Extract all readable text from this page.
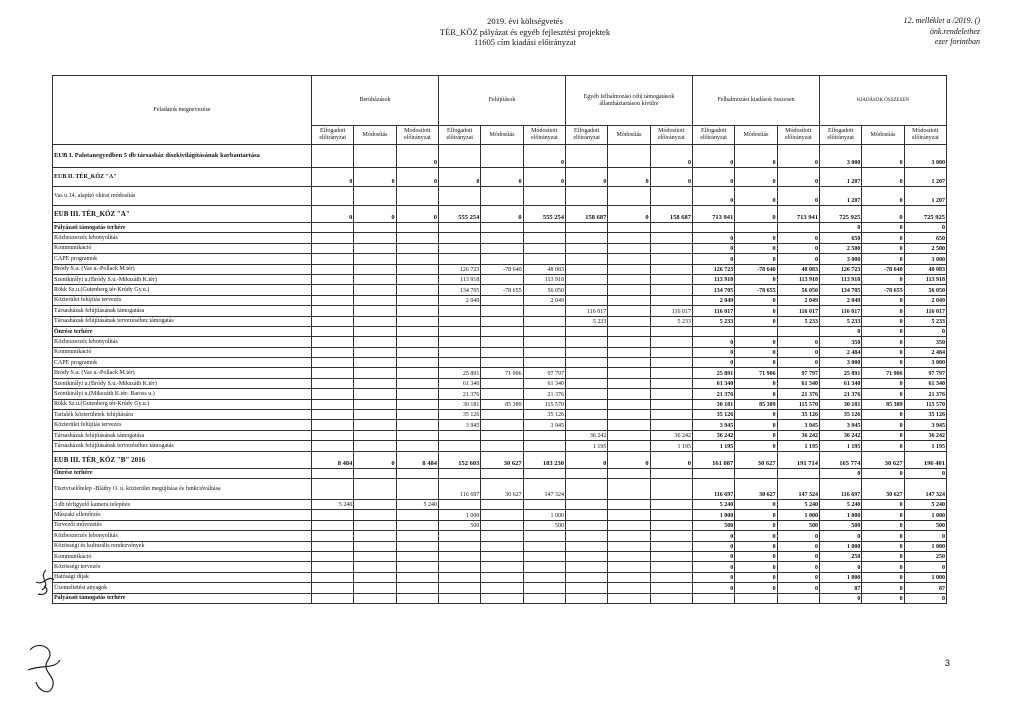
2019. évi költségvetés
TÉR_KÖZ pályázat és egyéb fejlesztési projektek
11605 cím kiadási előirányzat
12. melléklet a /2019. ()
önk.rendelethez
ezer forintban
Feladatok megnevezése	Beruházások			Felújítások			Egyéb felhalmozási célú támogatások államháztartáson kívülre			Felhalmozási kiadások összesen			KIADÁSOK ÖSSZESEN		
	Elfogadott előirányzat	Módosítás	Módosított előirányzat	Elfogadott előirányzat	Módosítás	Módosított előirányzat	Elfogadott előirányzat	Módosítás	Módosított előirányzat	Elfogadott előirányzat	Módosítás	Módosított előirányzat	Elfogadott előirányzat	Módosítás	Módosított előirányzat
EUB I. Palotanegyedben 5 db társasház díszkivilágításának karbantartása			0			0			0	0	0	0	3 000	0	3 000
EUB II. TÉR_KÖZ "A"	0	0	0	0	0	0	0	0	0	0	0	0	1 207	0	1 207
Vas u.14. alapító okirat módosítás										0	0	0	1 207	0	1 207
EUB III. TÉR_KÖZ "A"	0	0	0	555 254	0	555 254	158 687	0	158 687	713 941	0	713 941	725 925	0	725 925
Pályázati támogatás terhére													0	0	0
Közbeszerzés lebonyolítás										0	0	0	650	0	650
Kommunikáció										0	0	0	2 500	0	2 500
CAPE programok										0	0	0	3 000	0	3 000
Bródy S.u. (Vas u.-Pollack M.tér)				126 723	-78 640	48 083				126 723	-78 640	48 083	126 723	-78 640	48 083
Szentkirályi u.(Bródy S.u.-Mikszáth K.tér)				113 918		113 918				113 918	0	113 918	113 918	0	113 918
Rökk Sz.u.(Gutenberg tér-Krúdy Gy.u.)				134 705	-78 655	56 050				134 705	-78 655	56 050	134 705	-78 655	56 050
Közterület felújítás tervezés				2 049		2 049				2 049	0	2 049	2 049	0	2 049
Társasházak felújításának támogatása							116 017		116 017	116 017	0	116 017	116 017	0	116 017
Társasházak felújításának tervezéséhez támogatás							5 233		5 233	5 233	0	5 233	5 233	0	5 233
Önrész terhére													0	0	0
Közbeszerzés lebonyolítás										0	0	0	350	0	350
Kommunikáció										0	0	0	2 484	0	2 484
CAPE programok										0	0	0	3 000	0	3 000
Bródy S.u. (Vas u.-Pollack M.tér)				25 891	71 906	97 797				25 891	71 906	97 797	25 891	71 906	97 797
Szentkirályi u.(Bródy S.u.-Mikszáth K.tér)				61 340		61 340				61 340	0	61 340	61 340	0	61 340
Szentkirályi u.(Mikszáth K.tér- Baross u.)				21 376		21 376				21 376	0	21 376	21 376	0	21 376
Rökk Sz.u.(Gutenberg tér-Krúdy Gy.u.)				30 181	85 389	115 570				30 181	85 389	115 570	30 181	85 389	115 570
Tartalék közterületek felújítására				35 126		35 126				35 126	0	35 126	35 126	0	35 126
Közterület felújítás tervezés				3 945		3 945				3 945	0	3 945	3 945	0	3 945
Társasházak felújításának támogatása							36 242		36 242	36 242	0	36 242	36 242	0	36 242
Társasházak felújításának tervezéséhez támogatás							1 195		1 195	1 195	0	1 195	1 195	0	1 195
EUB III. TÉR_KÖZ "B" 2016	8 484	0	8 484	152 603	30 627	183 230	0	0	0	161 087	30 627	191 714	165 774	30 627	196 401
Önrész terhére													0	0	0
Tisztviselőtelep -Bláthy O. u. közterület megújítása és funkcióváltása				116 697	30 627	147 324				116 697	30 627	147 324	116 697	30 627	147 324
3 db térfigyelő kamera telepítés	5 240		5 240							5 240	0	5 240	5 240	0	5 240
Műszaki ellenőrzés				1 000		1 000				1 000	0	1 000	1 000	0	1 000
Tervezői művezetés				500		500				500	0	500	500	0	500
Közbeszerzés lebonyolítás										0	0	0	0	0	0
Közösségi és kulturális rendezvények										0	0	0	1 000	0	1 000
Kommunikáció										0	0	0	250	0	250
Közösségi tervezés										0	0	0	0	0	0
Hatósági díjak										0	0	0	1 000	0	1 000
Üzemeltetési anyagok										0	0	0	87	0	87
Pályázati támogatás terhére													0	0	0
3
